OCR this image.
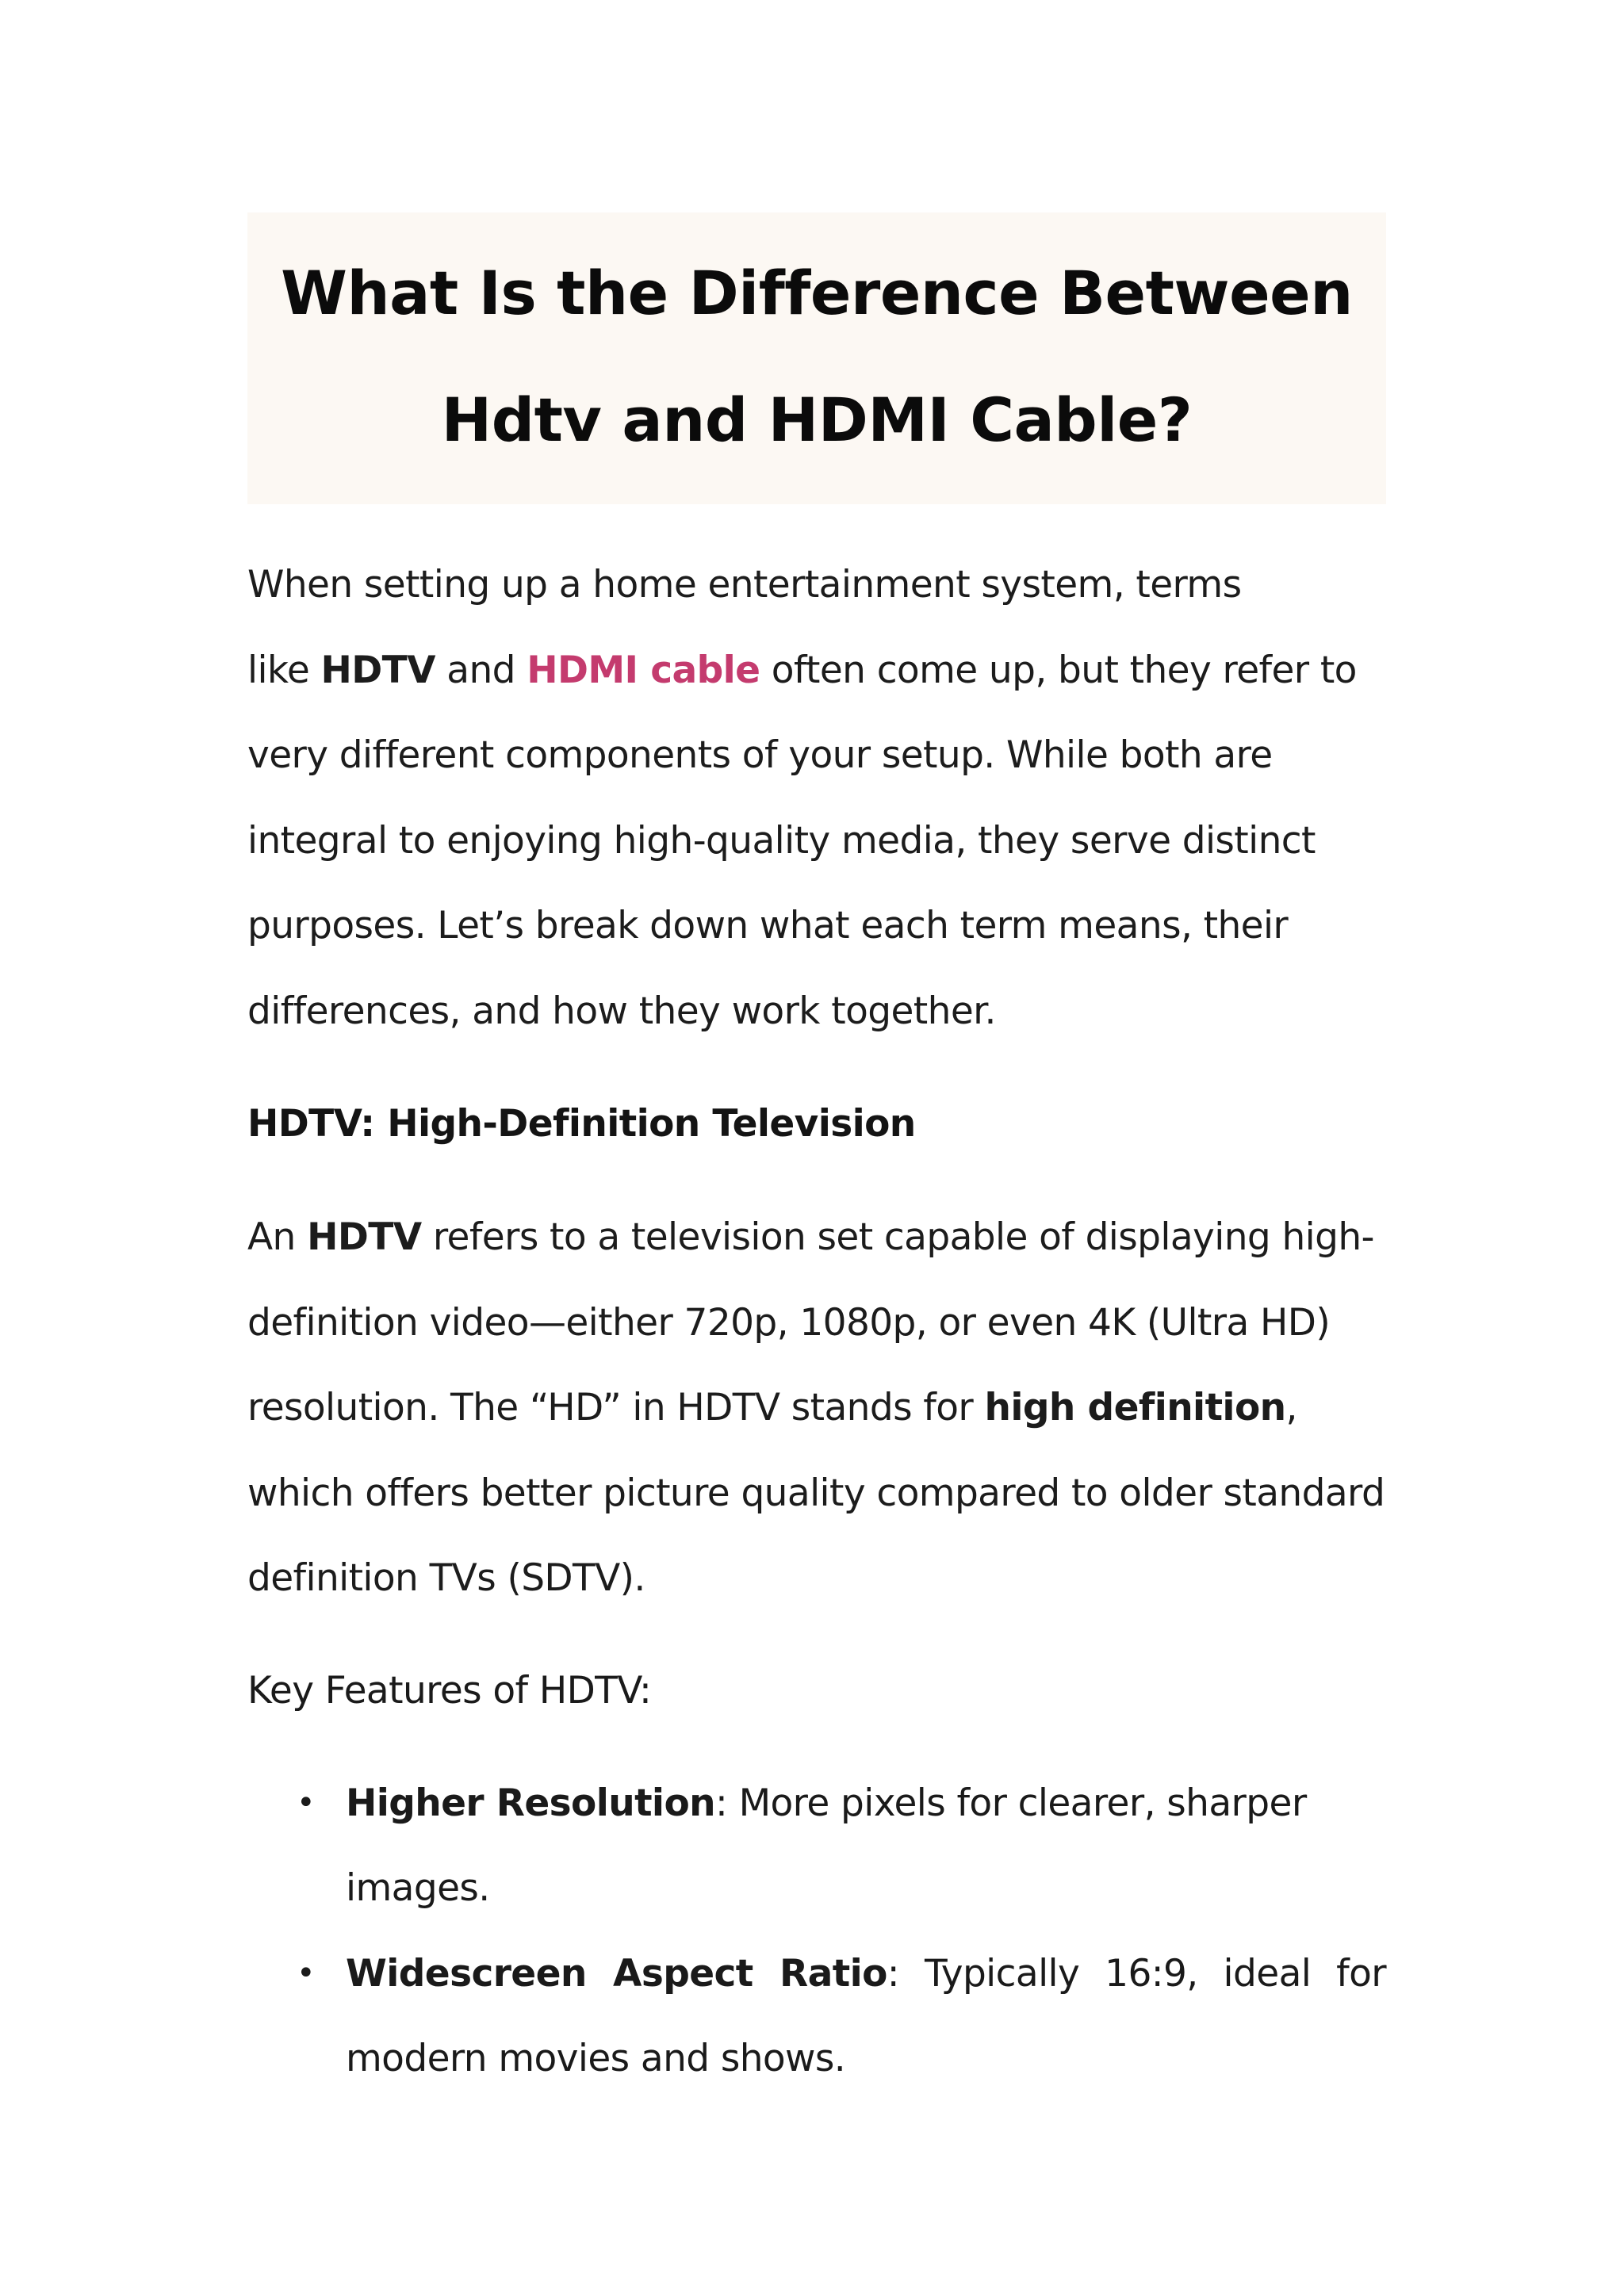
What Is the Difference Between
Hdtv and HDMI Cable?

When setting up a home entertainment system, terms
like HDTV and HDMI cable often come up, but they refer to very different components of your setup. While both are integral to enjoying high-quality media, they serve distinct purposes. Let’s break down what each term means, their differences, and how they work together.

HDTV: High-Definition Television

An HDTV refers to a television set capable of displaying high-definition video—either 720p, 1080p, or even 4K (Ultra HD) resolution. The “HD” in HDTV stands for high definition, which offers better picture quality compared to older standard definition TVs (SDTV).

Key Features of HDTV:
• Higher Resolution: More pixels for clearer, sharper images.
• Widescreen Aspect Ratio: Typically 16:9, ideal for modern movies and shows.
